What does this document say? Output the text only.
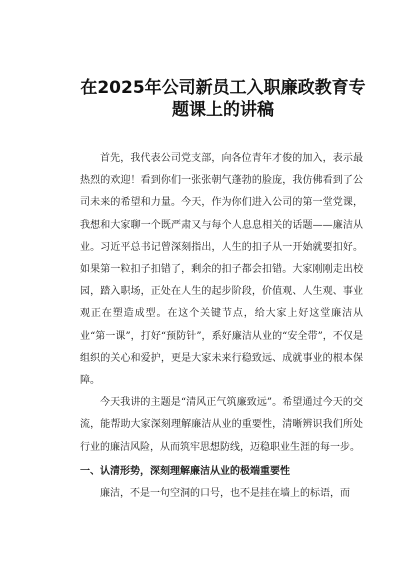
在2025年公司新员工入职廉政教育专题课上的讲稿

首先，我代表公司党支部，向各位青年才俊的加入，表示最热烈的欢迎！看到你们一张张朝气蓬勃的脸庞，我仿佛看到了公司未来的希望和力量。今天，作为你们进入公司的第一堂党课，我想和大家聊一个既严肃又与每个人息息相关的话题——廉洁从业。习近平总书记曾深刻指出，人生的扣子从一开始就要扣好。如果第一粒扣子扣错了，剩余的扣子都会扣错。大家刚刚走出校园，踏入职场，正处在人生的起步阶段，价值观、人生观、事业观正在塑造成型。在这个关键节点，给大家上好这堂廉洁从业“第一课”，打好“预防针”，系好廉洁从业的“安全带”，不仅是组织的关心和爱护，更是大家未来行稳致远、成就事业的根本保障。

今天我讲的主题是“清风正气筑廉致远”。希望通过今天的交流，能帮助大家深刻理解廉洁从业的重要性，清晰辨识我们所处行业的廉洁风险，从而筑牢思想防线，迈稳职业生涯的每一步。

一、认清形势，深刻理解廉洁从业的极端重要性

廉洁，不是一句空洞的口号，也不是挂在墙上的标语，而
